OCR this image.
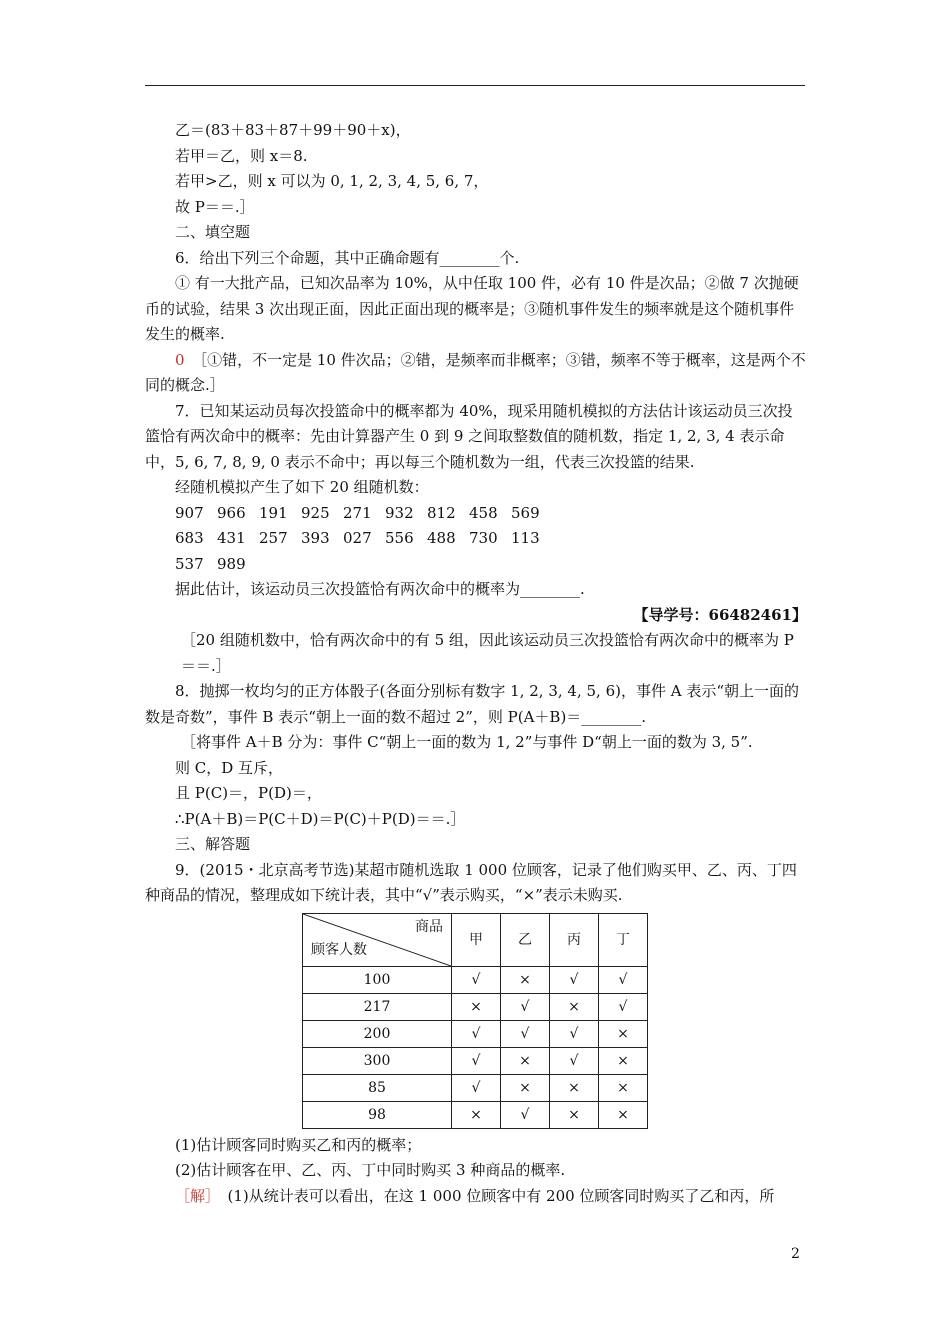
乙＝(83＋83＋87＋99＋90＋x)，

若甲＝乙，则 x＝8.

若甲>乙，则 x 可以为 0, 1, 2, 3, 4, 5, 6, 7，

故 P＝＝.］

二、填空题

6．给出下列三个命题，其中正确命题有________个.

① 有一大批产品，已知次品率为 10%，从中任取 100 件，必有 10 件是次品；②做 7 次抛硬币的试验，结果 3 次出现正面，因此正面出现的概率是；③随机事件发生的频率就是这个随机事件发生的概率.

0　 ［①错，不一定是 10 件次品；②错，是频率而非概率；③错，频率不等于概率，这是两个不同的概念.］

7．已知某运动员每次投篮命中的概率都为 40%，现采用随机模拟的方法估计该运动员三次投篮恰有两次命中的概率：先由计算器产生 0 到 9 之间取整数值的随机数，指定 1, 2, 3, 4 表示命中，5, 6, 7, 8, 9, 0 表示不命中；再以每三个随机数为一组，代表三次投篮的结果.

经随机模拟产生了如下 20 组随机数：

907 966 191 925 271 932 812 458 569
683 431 257 393 027 556 488 730 113
537 989

据此估计，该运动员三次投篮恰有两次命中的概率为________.

【导学号：66482461】

［20 组随机数中，恰有两次命中的有 5 组，因此该运动员三次投篮恰有两次命中的概率为 P＝＝.］

8．抛掷一枚均匀的正方体骰子(各面分别标有数字 1, 2, 3, 4, 5, 6)，事件 A 表示“朝上一面的数是奇数”，事件 B 表示“朝上一面的数不超过 2”，则 P(A＋B)＝________.

［将事件 A＋B 分为：事件 C“朝上一面的数为 1, 2”与事件 D“朝上一面的数为 3, 5”.

则 C，D 互斥，

且 P(C)＝，P(D)＝，

∴P(A＋B)＝P(C＋D)＝P(C)＋P(D)＝＝.］

三、解答题

9．(2015・北京高考节选)某超市随机选取 1 000 位顾客，记录了他们购买甲、乙、丙、丁四种商品的情况，整理成如下统计表，其中“√”表示购买，“×”表示未购买.

商品
顾客人数	甲	乙	丙	丁
100	√	×	√	√
217	×	√	×	√
200	√	√	√	×
300	√	×	√	×
85	√	×	×	×
98	×	√	×	×

(1)估计顾客同时购买乙和丙的概率；

(2)估计顾客在甲、乙、丙、丁中同时购买 3 种商品的概率.

［解］　 (1)从统计表可以看出，在这 1 000 位顾客中有 200 位顾客同时购买了乙和丙，所

2
